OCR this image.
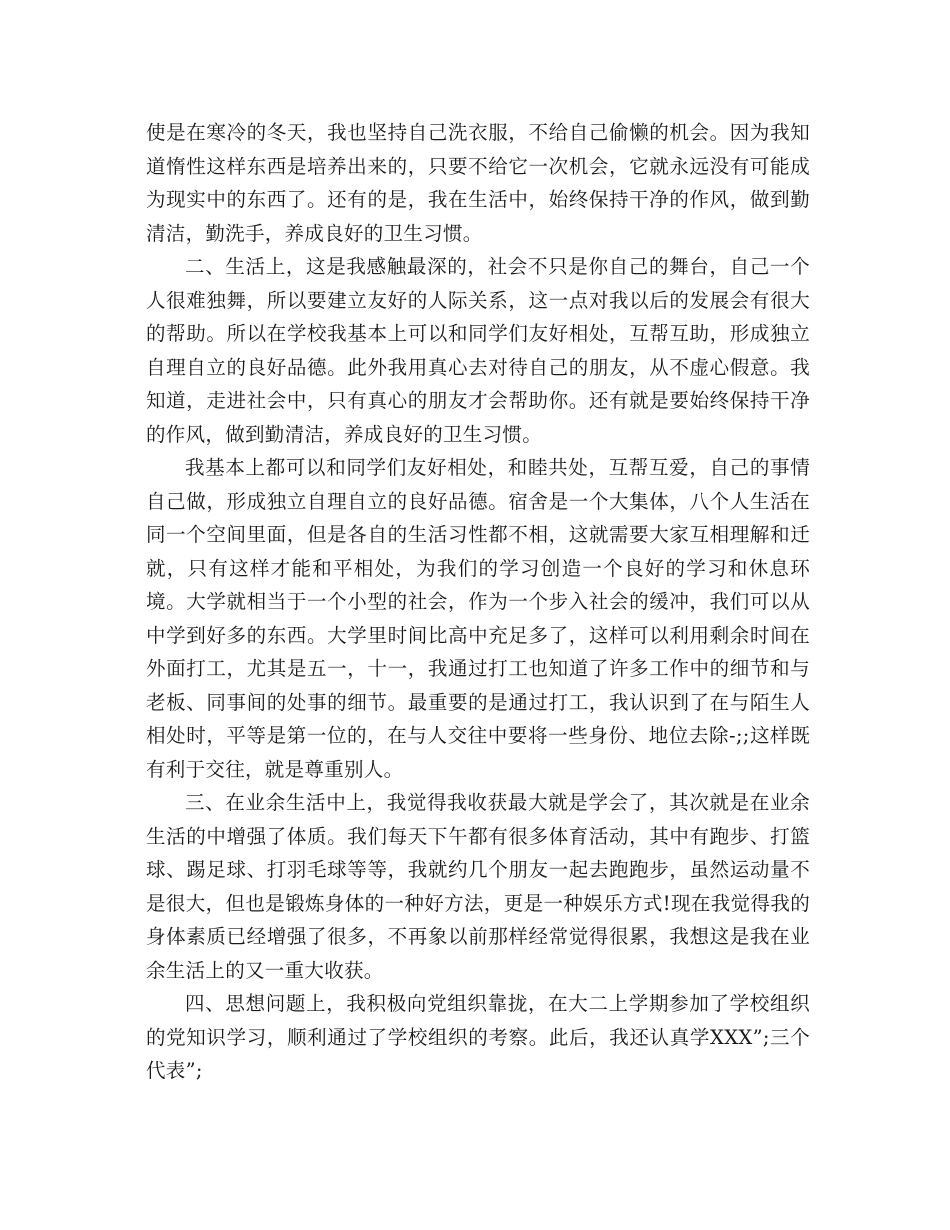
使是在寒冷的冬天，我也坚持自己洗衣服，不给自己偷懒的机会。因为我知道惰性这样东西是培养出来的，只要不给它一次机会，它就永远没有可能成为现实中的东西了。还有的是，我在生活中，始终保持干净的作风，做到勤清洁，勤洗手，养成良好的卫生习惯。

二、生活上，这是我感触最深的，社会不只是你自己的舞台，自己一个人很难独舞，所以要建立友好的人际关系，这一点对我以后的发展会有很大的帮助。所以在学校我基本上可以和同学们友好相处，互帮互助，形成独立自理自立的良好品德。此外我用真心去对待自己的朋友，从不虚心假意。我知道，走进社会中，只有真心的朋友才会帮助你。还有就是要始终保持干净的作风，做到勤清洁，养成良好的卫生习惯。

我基本上都可以和同学们友好相处，和睦共处，互帮互爱，自己的事情自己做，形成独立自理自立的良好品德。宿舍是一个大集体，八个人生活在同一个空间里面，但是各自的生活习性都不相，这就需要大家互相理解和迁就，只有这样才能和平相处，为我们的学习创造一个良好的学习和休息环境。大学就相当于一个小型的社会，作为一个步入社会的缓冲，我们可以从中学到好多的东西。大学里时间比高中充足多了，这样可以利用剩余时间在外面打工，尤其是五一，十一，我通过打工也知道了许多工作中的细节和与老板、同事间的处事的细节。最重要的是通过打工，我认识到了在与陌生人相处时，平等是第一位的，在与人交往中要将一些身份、地位去除-;;这样既有利于交往，就是尊重别人。

三、在业余生活中上，我觉得我收获最大就是学会了，其次就是在业余生活的中增强了体质。我们每天下午都有很多体育活动，其中有跑步、打篮球、踢足球、打羽毛球等等，我就约几个朋友一起去跑跑步，虽然运动量不是很大，但也是锻炼身体的一种好方法，更是一种娱乐方式!现在我觉得我的身体素质已经增强了很多，不再象以前那样经常觉得很累，我想这是我在业余生活上的又一重大收获。

四、思想问题上，我积极向党组织靠拢，在大二上学期参加了学校组织的党知识学习，顺利通过了学校组织的考察。此后，我还认真学XXX”;三个代表”;
